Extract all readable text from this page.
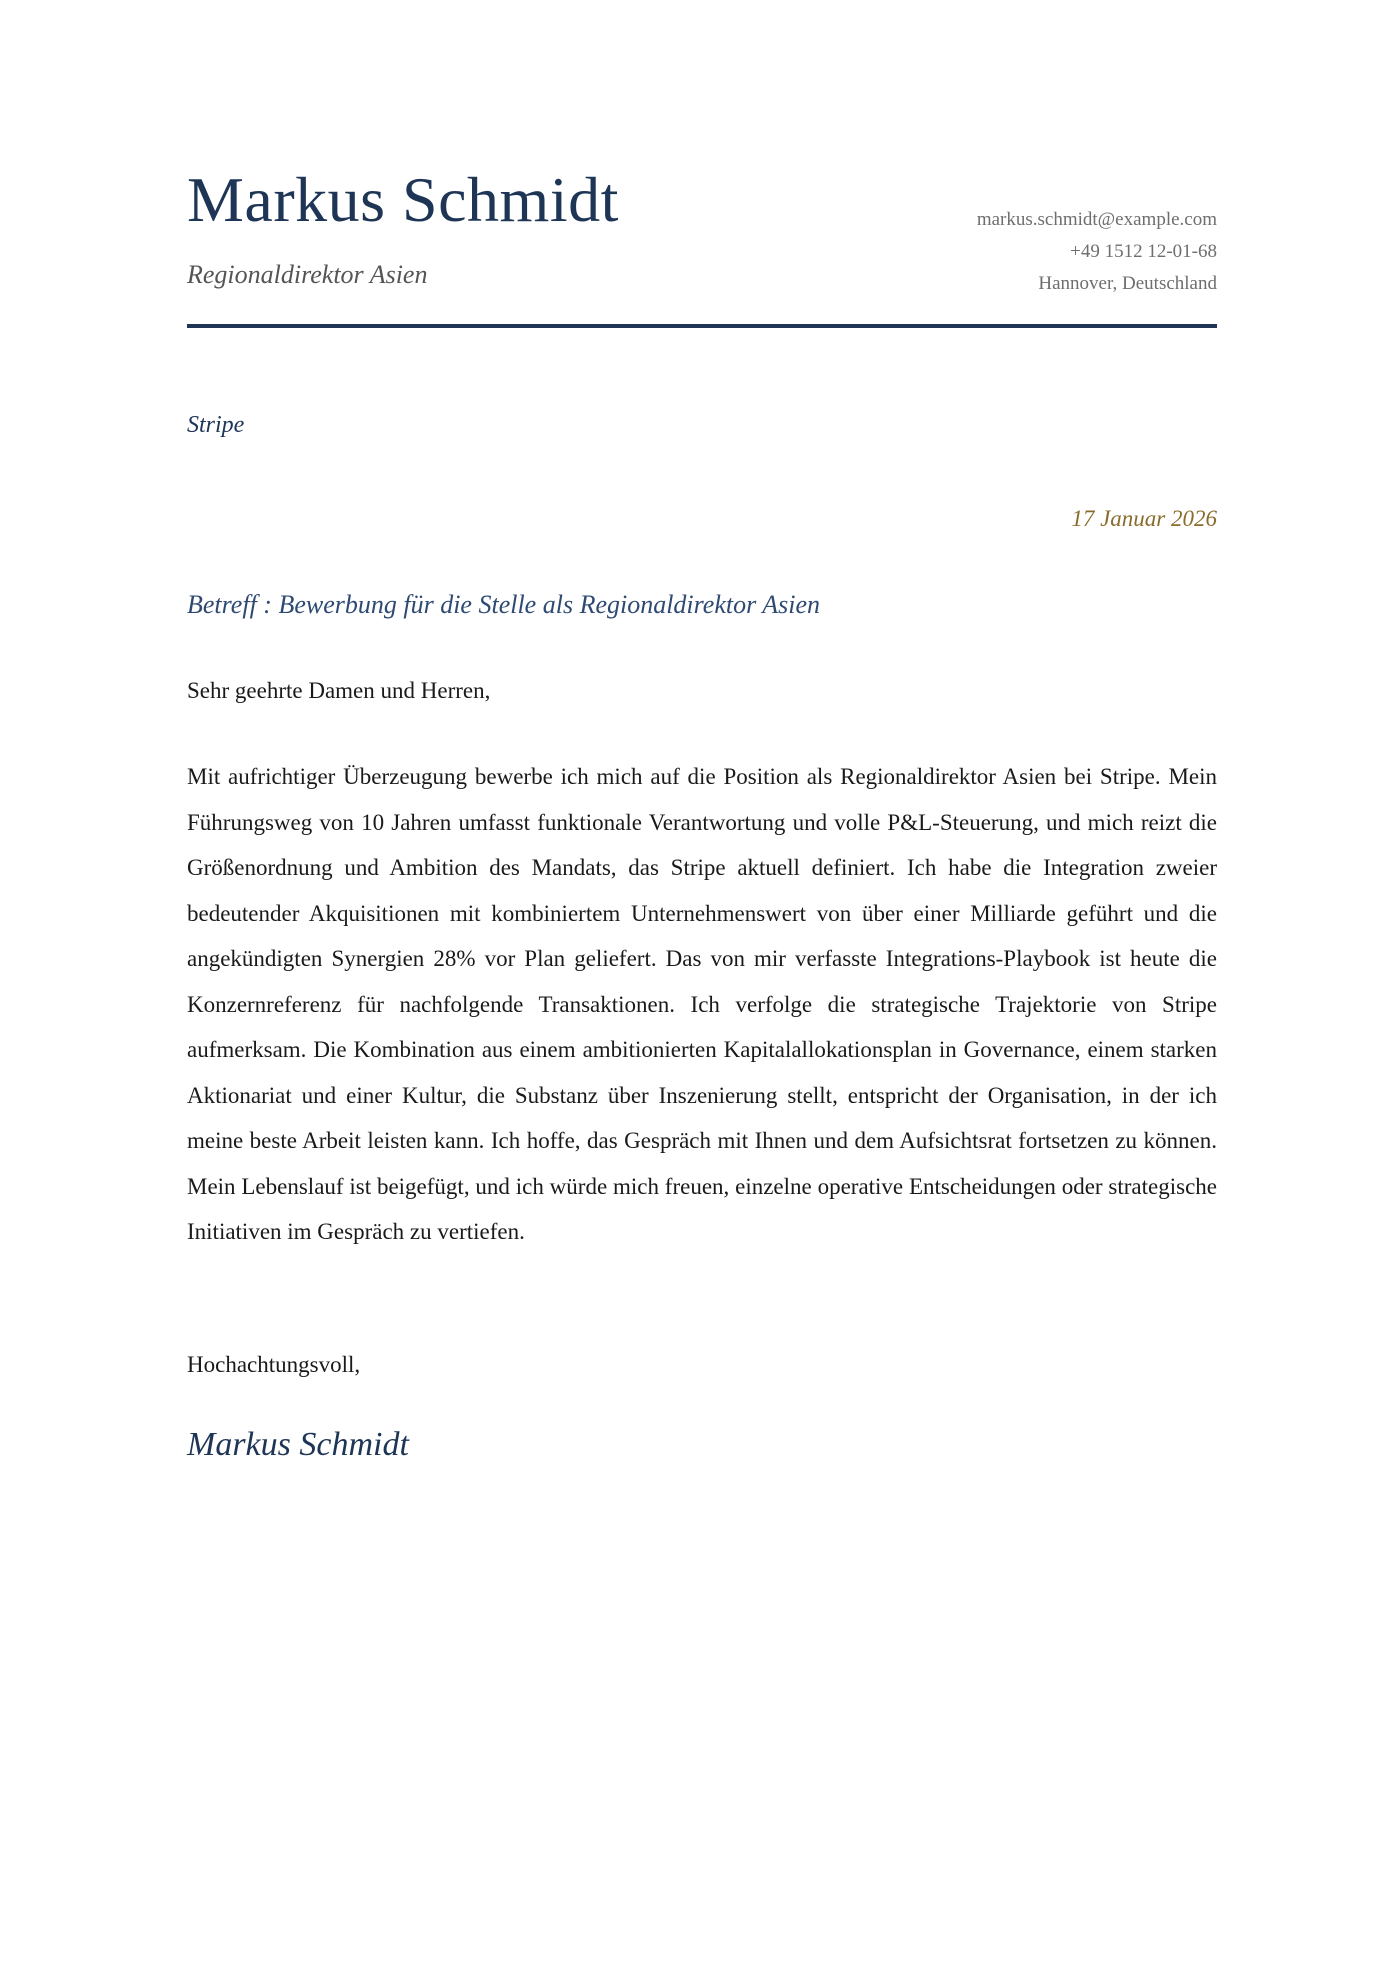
Markus Schmidt
Regionaldirektor Asien
markus.schmidt@example.com
+49 1512 12-01-68
Hannover, Deutschland
Stripe
17 Januar 2026
Betreff : Bewerbung für die Stelle als Regionaldirektor Asien
Sehr geehrte Damen und Herren,

Mit aufrichtiger Überzeugung bewerbe ich mich auf die Position als Regionaldirektor Asien bei Stripe. Mein Führungsweg von 10 Jahren umfasst funktionale Verantwortung und volle P&L-Steuerung, und mich reizt die Größenordnung und Ambition des Mandats, das Stripe aktuell definiert. Ich habe die Integration zweier bedeutender Akquisitionen mit kombiniertem Unternehmenswert von über einer Milliarde geführt und die angekündigten Synergien 28% vor Plan geliefert. Das von mir verfasste Integrations-Playbook ist heute die Konzernreferenz für nachfolgende Transaktionen. Ich verfolge die strategische Trajektorie von Stripe aufmerksam. Die Kombination aus einem ambitionierten Kapitalallokationsplan in Governance, einem starken Aktionariat und einer Kultur, die Substanz über Inszenierung stellt, entspricht der Organisation, in der ich meine beste Arbeit leisten kann. Ich hoffe, das Gespräch mit Ihnen und dem Aufsichtsrat fortsetzen zu können. Mein Lebenslauf ist beigefügt, und ich würde mich freuen, einzelne operative Entscheidungen oder strategische Initiativen im Gespräch zu vertiefen.

Hochachtungsvoll,
Markus Schmidt
